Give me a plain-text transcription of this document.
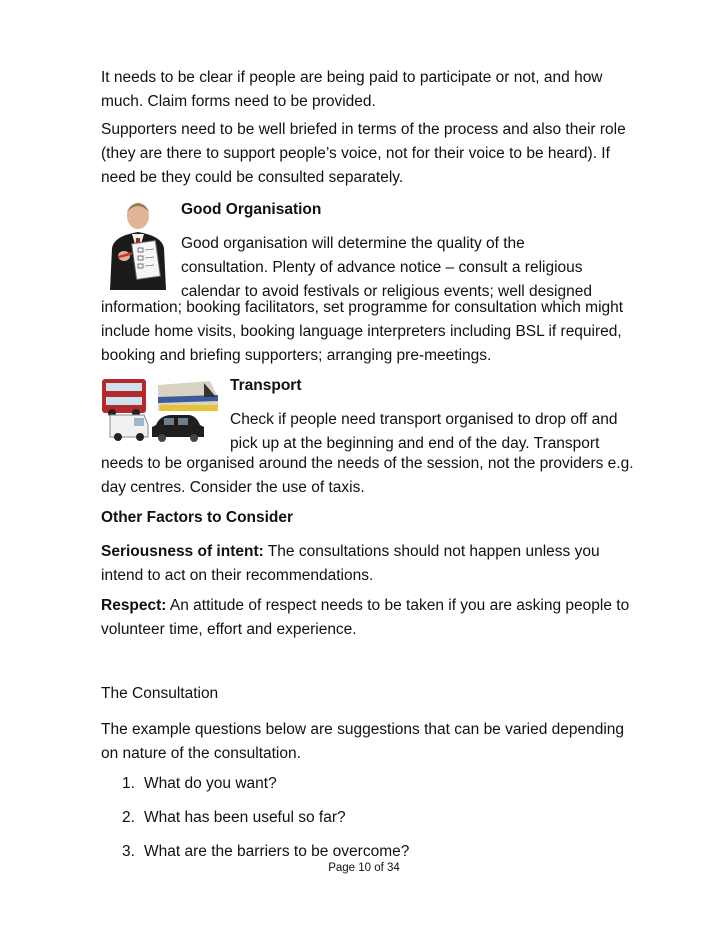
It needs to be clear if people are being paid to participate or not, and how much. Claim forms need to be provided.

Supporters need to be well briefed in terms of the process and also their role (they are there to support people’s voice, not for their voice to be heard). If need be they could be consulted separately.

Good Organisation
Good organisation will determine the quality of the
consultation. Plenty of advance notice – consult a religious
calendar to avoid festivals or religious events; well designed

information; booking facilitators, set programme for consultation which might include home visits, booking language interpreters including BSL if required, booking and briefing supporters; arranging pre-meetings.

Transport
Check if people need transport organised to drop off and
pick up at the beginning and end of the day. Transport

needs to be organised around the needs of the session, not the providers e.g. day centres. Consider the use of taxis.

Other Factors to Consider

Seriousness of intent: The consultations should not happen unless you intend to act on their recommendations.

Respect: An attitude of respect needs to be taken if you are asking people to volunteer time, effort and experience.

The Consultation

The example questions below are suggestions that can be varied depending on nature of the consultation.

1. What do you want?
2. What has been useful so far?
3. What are the barriers to be overcome?
Page 10 of 34
